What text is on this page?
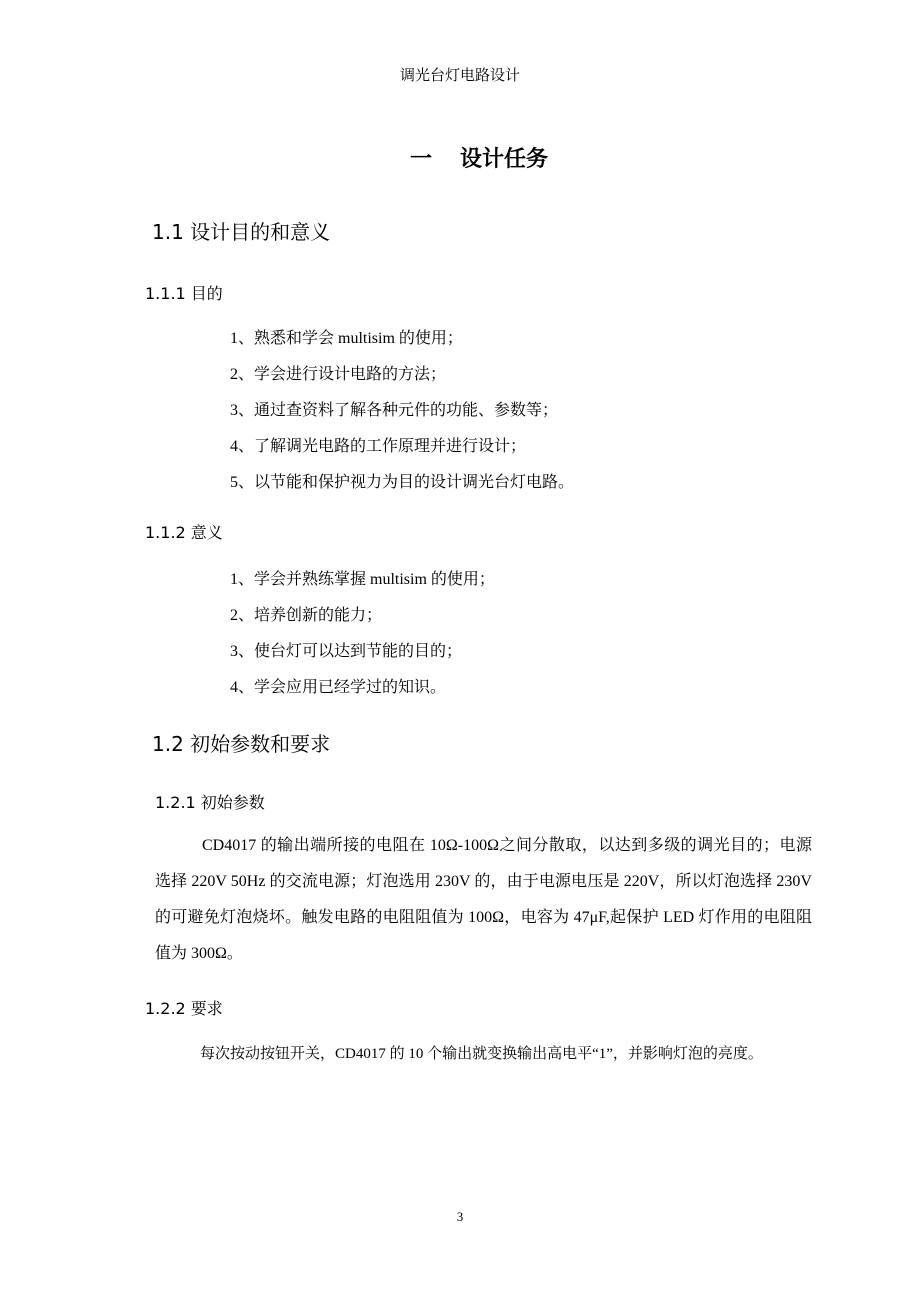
调光台灯电路设计
一 设计任务
1.1 设计目的和意义
1.1.1 目的
1、熟悉和学会 multisim 的使用；
2、学会进行设计电路的方法；
3、通过查资料了解各种元件的功能、参数等；
4、了解调光电路的工作原理并进行设计；
5、以节能和保护视力为目的设计调光台灯电路。
1.1.2 意义
1、学会并熟练掌握 multisim 的使用；
2、培养创新的能力；
3、使台灯可以达到节能的目的；
4、学会应用已经学过的知识。
1.2 初始参数和要求
1.2.1 初始参数
CD4017 的输出端所接的电阻在 10Ω-100Ω之间分散取，以达到多级的调光目的；电源选择 220V 50Hz 的交流电源；灯泡选用 230V 的，由于电源电压是 220V，所以灯泡选择 230V 的可避免灯泡烧坏。触发电路的电阻阻值为 100Ω，电容为 47μF,起保护 LED 灯作用的电阻阻值为 300Ω。
1.2.2 要求
每次按动按钮开关，CD4017 的 10 个输出就变换输出高电平“1”，并影响灯泡的亮度。
3
